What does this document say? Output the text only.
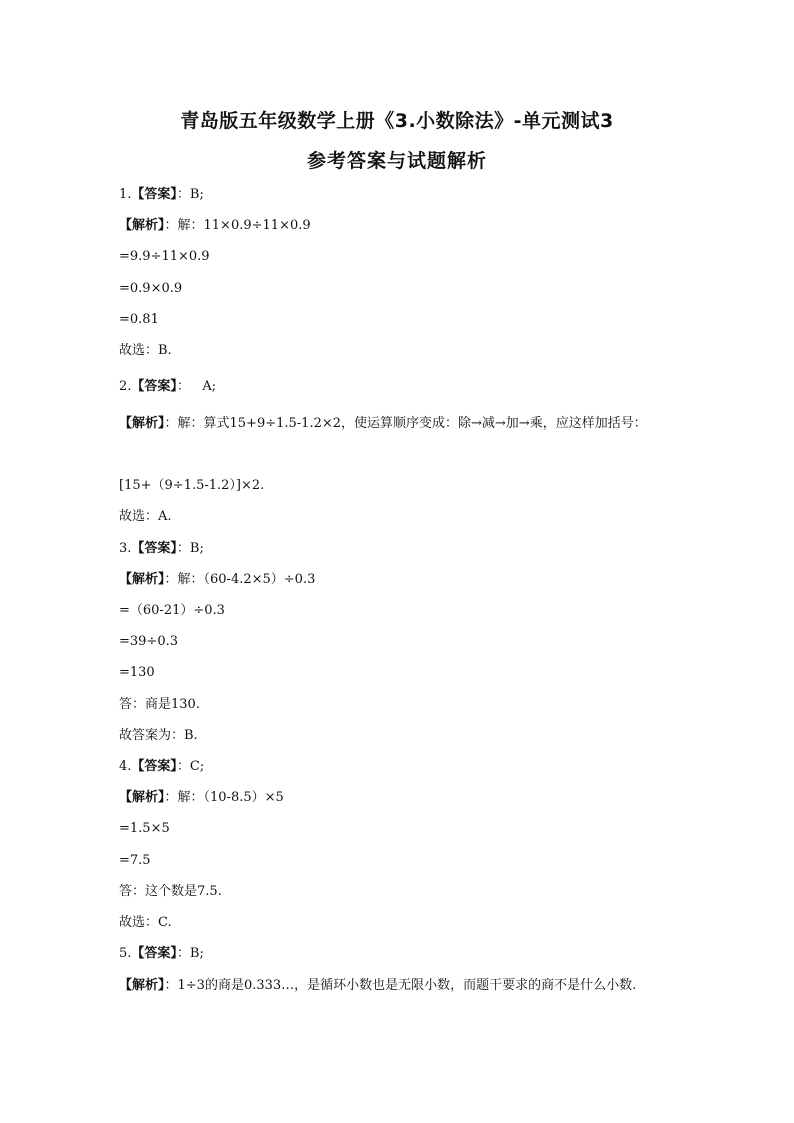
青岛版五年级数学上册《3.小数除法》-单元测试3
参考答案与试题解析
1.【答案】：B;
【解析】：解：11×0.9÷11×0.9
=9.9÷11×0.9
=0.9×0.9
=0.81
故选：B.
2.【答案】：   A;
【解析】：解：算式15+9÷1.5-1.2×2，使运算顺序变成：除→减→加→乘，应这样加括号：
[15+（9÷1.5-1.2）]×2.
故选：A.
3.【答案】：B;
【解析】：解：（60-4.2×5）÷0.3
=（60-21）÷0.3
=39÷0.3
=130
答：商是130.
故答案为：B.
4.【答案】：C;
【解析】：解：（10-8.5）×5
=1.5×5
=7.5
答：这个数是7.5.
故选：C.
5.【答案】：B;
【解析】：1÷3的商是0.333…，是循环小数也是无限小数，而题干要求的商不是什么小数.
